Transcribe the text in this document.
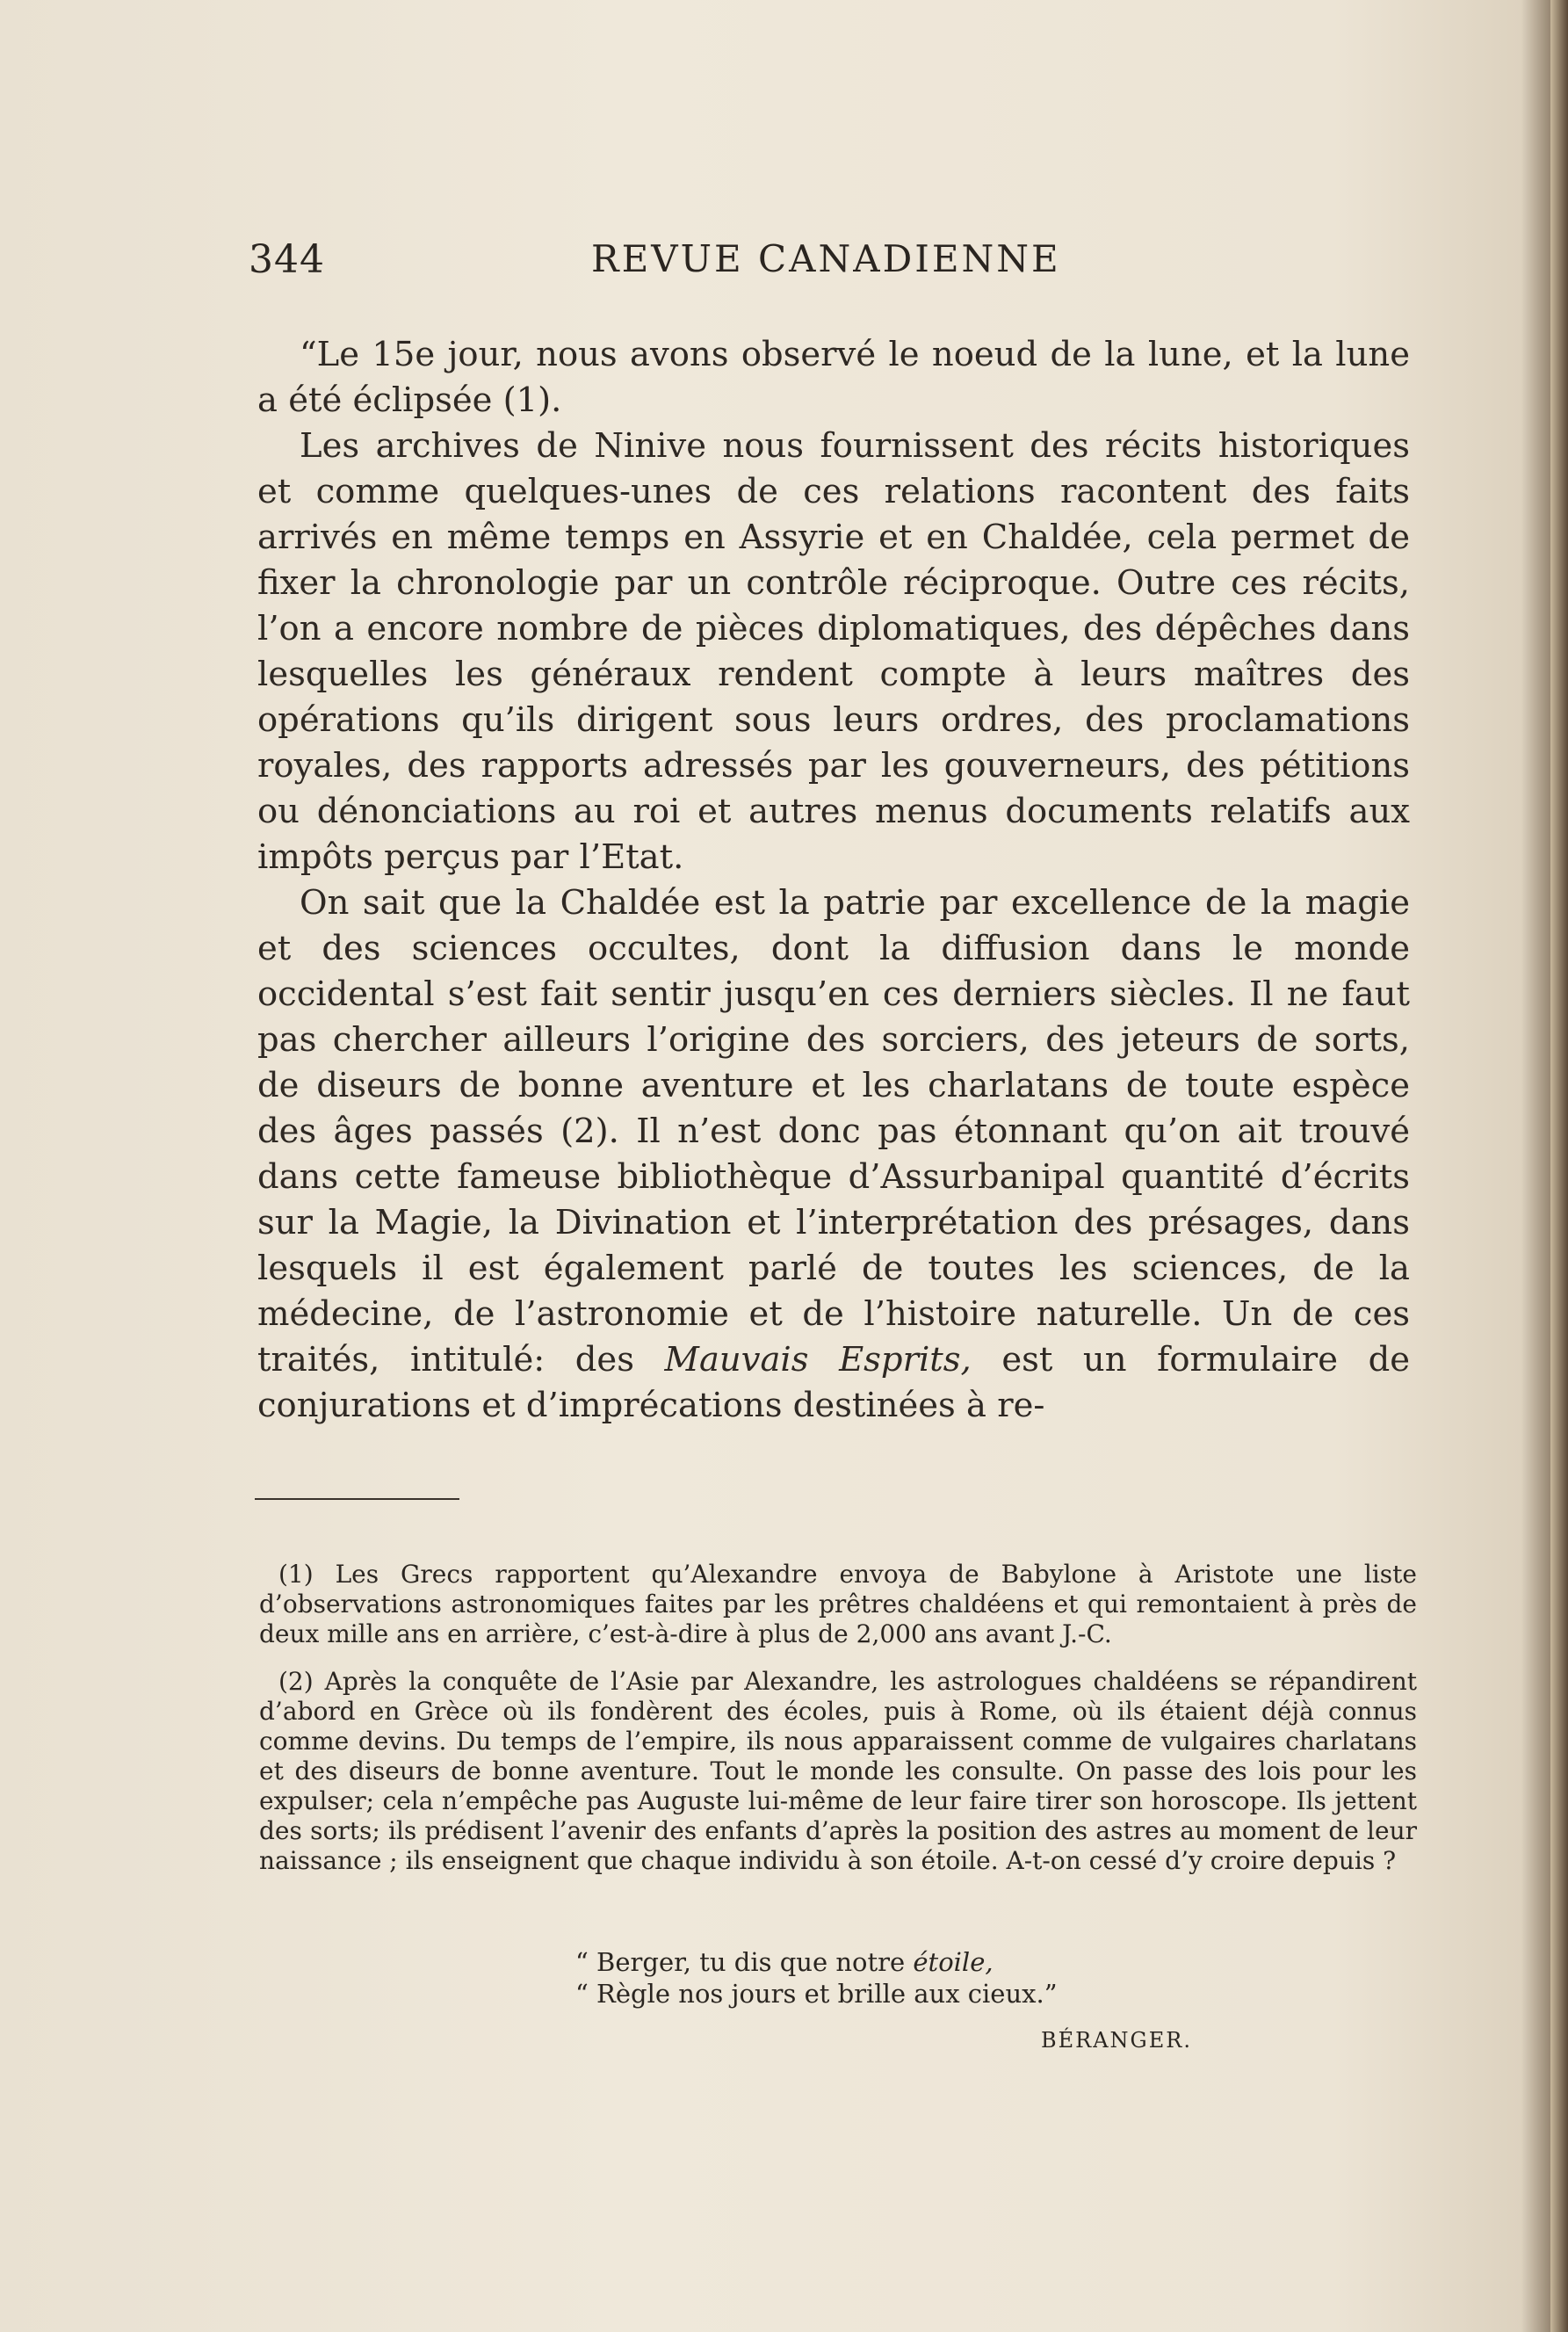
344	REVUE CANADIENNE

“Le 15e jour, nous avons observé le noeud de la lune, et la lune a été éclipsée (1).

Les archives de Ninive nous fournissent des récits historiques et comme quelques-unes de ces relations racontent des faits arrivés en même temps en Assyrie et en Chaldée, cela permet de fixer la chronologie par un contrôle réciproque. Outre ces récits, l’on a encore nombre de pièces diplomatiques, des dépêches dans lesquelles les généraux rendent compte à leurs maîtres des opérations qu’ils dirigent sous leurs ordres, des proclamations royales, des rapports adressés par les gouverneurs, des pétitions ou dénonciations au roi et autres menus documents relatifs aux impôts perçus par l’Etat.

On sait que la Chaldée est la patrie par excellence de la magie et des sciences occultes, dont la diffusion dans le monde occidental s’est fait sentir jusqu’en ces derniers siècles. Il ne faut pas chercher ailleurs l’origine des sorciers, des jeteurs de sorts, de diseurs de bonne aventure et les charlatans de toute espèce des âges passés (2). Il n’est donc pas étonnant qu’on ait trouvé dans cette fameuse bibliothèque d’Assurbanipal quantité d’écrits sur la Magie, la Divination et l’interprétation des présages, dans lesquels il est également parlé de toutes les sciences, de la médecine, de l’astronomie et de l’histoire naturelle. Un de ces traités, intitulé: des Mauvais Esprits, est un formulaire de conjurations et d’imprécations destinées à re-

(1) Les Grecs rapportent qu’Alexandre envoya de Babylone à Aristote une liste d’observations astronomiques faites par les prêtres chaldéens et qui remontaient à près de deux mille ans en arrière, c’est-à-dire à plus de 2,000 ans avant J.-C.

(2) Après la conquête de l’Asie par Alexandre, les astrologues chaldéens se répandirent d’abord en Grèce où ils fondèrent des écoles, puis à Rome, où ils étaient déjà connus comme devins. Du temps de l’empire, ils nous apparaissent comme de vulgaires charlatans et des diseurs de bonne aventure. Tout le monde les consulte. On passe des lois pour les expulser; cela n’empêche pas Auguste lui-même de leur faire tirer son horoscope. Ils jettent des sorts; ils prédisent l’avenir des enfants d’après la position des astres au moment de leur naissance ; ils enseignent que chaque individu à son étoile. A-t-on cessé d’y croire depuis ?

“ Berger, tu dis que notre étoile,
“ Règle nos jours et brille aux cieux.”
BÉRANGER.
